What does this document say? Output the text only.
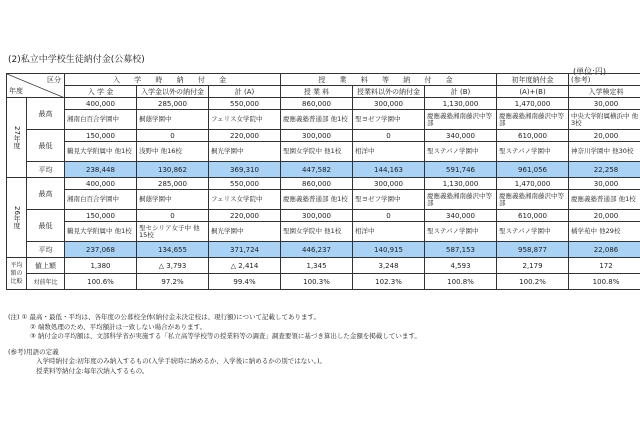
(2)私立中学校生徒納付金(公募校)
(単位:円)
区分
年度		入 学 時 納 付 金			授 業 料 等 納 付 金			初年度納付金	(参考)
		入 学 金	入学金以外の納付金	計 (A)	授 業 料	授業料以外の納付金	計 (B)	(A)+(B)	入学検定料
27年度	最高	400,000	285,000	550,000	860,000	300,000	1,130,000	1,470,000	30,000
		湘南白百合学園中	桐蔭学園中	フェリス女学院中	慶應義塾普通部 他1校	聖ヨゼフ学園中	慶應義塾湘南藤沢中等部	慶應義塾湘南藤沢中等部	中央大学附属横浜中 他3校
	最低	150,000	0	220,000	300,000	0	340,000	610,000	20,000
		鶴見大学附属中 他1校	浅野中 他16校	桐光学園中	聖園女学院中 他1校	相洋中	聖ステパノ学園中	聖ステパノ学園中	神奈川学園中 他30校
	平均	238,448	130,862	369,310	447,582	144,163	591,746	961,056	22,258
26年度	最高	400,000	285,000	550,000	860,000	300,000	1,130,000	1,470,000	30,000
		湘南白百合学園中	桐蔭学園中	フェリス女学院中	慶應義塾普通部 他1校	聖ヨゼフ学園中	慶應義塾湘南藤沢中等部	慶應義塾湘南藤沢中等部	慶應義塾普通部 他1校
	最低	150,000	0	220,000	300,000	0	340,000	610,000	20,000
		鶴見大学附属中 他1校	聖セシリア女子中 他15校	桐光学園中	聖園女学院中 他1校	相洋中	聖ステパノ学園中	聖ステパノ学園中	橘学苑中 他29校
	平均	237,068	134,655	371,724	446,237	140,915	587,153	958,877	22,086
平均額の比較	値上額	1,380	△ 3,793	△ 2,414	1,345	3,248	4,593	2,179	172
	対前年比	100.6%	97.2%	99.4%	100.3%	102.3%	100.8%	100.2%	100.8%
(注) ① 最高・最低・平均は、各年度の公募校全体(納付金未決定校は、現行額)について記載してあります。
② 端数処理のため、平均額計は一致しない場合があります。
③ 納付金の平均額は、文部科学省が実施する「私立高等学校等の授業料等の調査」調査要領に基づき算出した金額を掲載しています。
(参考)用語の定義
入学時納付金:初年度のみ納入するもの(入学手続時に納めるか、入学後に納めるかの別ではない。)。
授業料等納付金:毎年次納入するもの。
